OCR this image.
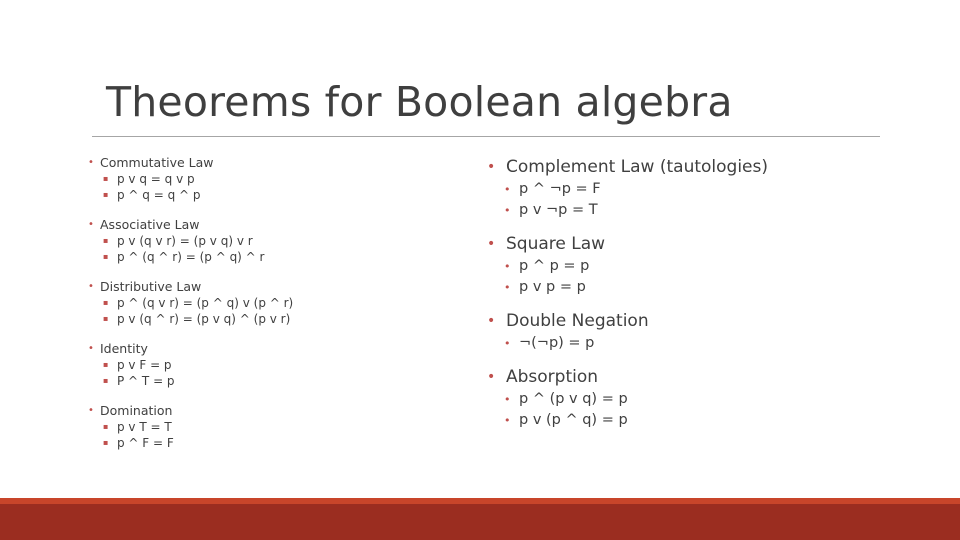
Theorems for Boolean algebra
• Commutative Law
▪ p v q = q v p
▪ p ^ q = q ^ p
• Associative Law
▪ p v (q v r) = (p v q) v r
▪ p ^ (q ^ r) = (p ^ q) ^ r
• Distributive Law
▪ p ^ (q v r) = (p ^ q) v (p ^ r)
▪ p v (q ^ r) = (p v q) ^ (p v r)
• Identity
▪ p v F = p
▪ P ^ T = p
• Domination
▪ p v T = T
▪ p ^ F = F
• Complement Law (tautologies)
• p ^ ¬p = F
• p v ¬p = T
• Square Law
• p ^ p = p
• p v p = p
• Double Negation
• ¬(¬p) = p
• Absorption
• p ^ (p v q) = p
• p v (p ^ q) = p
